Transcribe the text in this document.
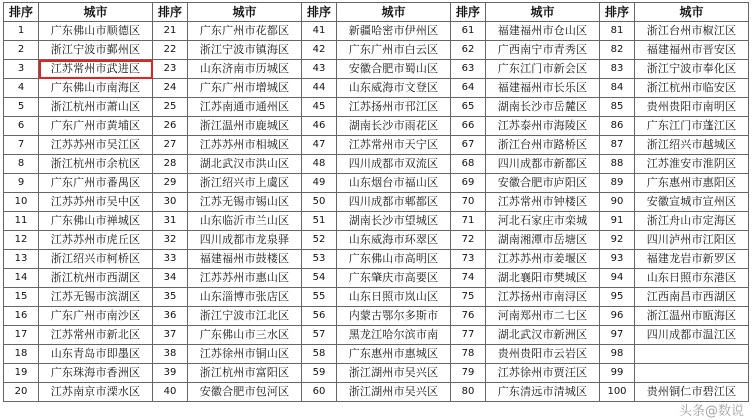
排序	城市	排序	城市	排序	城市	排序	城市	排序	城市
1	广东佛山市顺德区	21	广东广州市花都区	41	新疆哈密市伊州区	61	福建福州市仓山区	81	浙江台州市椒江区
2	浙江宁波市鄞州区	22	浙江宁波市镇海区	42	广东广州市白云区	62	广西南宁市青秀区	82	福建福州市晋安区
3	江苏常州市武进区	23	山东济南市历城区	43	安徽合肥市蜀山区	63	广东江门市新会区	83	浙江宁波市奉化区
4	广东佛山市南海区	24	广东广州市增城区	44	山东威海市文登区	64	福建福州市长乐区	84	浙江杭州市临安区
5	浙江杭州市萧山区	25	江苏南通市通州区	45	江苏扬州市邗江区	65	湖南长沙市岳麓区	85	贵州贵阳市南明区
6	广东广州市黄埔区	26	浙江温州市鹿城区	46	湖南长沙市雨花区	66	江苏泰州市海陵区	86	广东江门市蓬江区
7	江苏苏州市吴江区	27	江苏苏州市相城区	47	江苏常州市天宁区	67	浙江台州市路桥区	87	浙江绍兴市越城区
8	浙江杭州市余杭区	28	湖北武汉市洪山区	48	四川成都市双流区	68	四川成都市新都区	88	江苏淮安市淮阴区
9	广东广州市番禺区	29	浙江绍兴市上虞区	49	山东烟台市福山区	69	安徽合肥市庐阳区	89	广东惠州市惠阳区
10	江苏苏州市吴中区	30	江苏无锡市锡山区	50	四川成都市郫都区	70	江苏常州市钟楼区	90	安徽宣城市宣州区
11	广东佛山市禅城区	31	山东临沂市兰山区	51	湖南长沙市望城区	71	河北石家庄市栾城	91	浙江舟山市定海区
12	江苏苏州市虎丘区	32	四川成都市龙泉驿	52	山东威海市环翠区	72	湖南湘潭市岳塘区	92	四川泸州市江阳区
13	浙江绍兴市柯桥区	33	福建福州市鼓楼区	53	广东佛山市高明区	73	江苏苏州市姜堰区	93	福建龙岩市新罗区
14	浙江杭州市西湖区	34	江苏苏州市惠山区	54	广东肇庆市高要区	74	湖北襄阳市樊城区	94	山东日照市东港区
15	江苏无锡市滨湖区	35	山东淄博市张店区	55	山东日照市岚山区	75	江苏扬州市南浔区	95	江西南昌市西湖区
16	广东广州市南沙区	36	浙江宁波市江北区	56	内蒙古鄂尔多斯市	76	河南郑州市二七区	96	浙江温州市瓯海区
17	江苏常州市新北区	37	广东佛山市三水区	57	黑龙江哈尔滨市南	77	湖北武汉市新洲区	97	四川成都市温江区
18	山东青岛市即墨区	38	江苏徐州市铜山区	58	广东惠州市惠城区	78	贵州贵阳市云岩区	98	
19	广东珠海市香洲区	39	浙江杭州市富阳区	59	浙江湖州市吴兴区	79	江苏徐州市贾汪区	99	
20	江苏南京市溧水区	40	安徽合肥市包河区	60	浙江湖州市吴兴区	80	广东清远市清城区	100	贵州铜仁市碧江区
头条@数说
